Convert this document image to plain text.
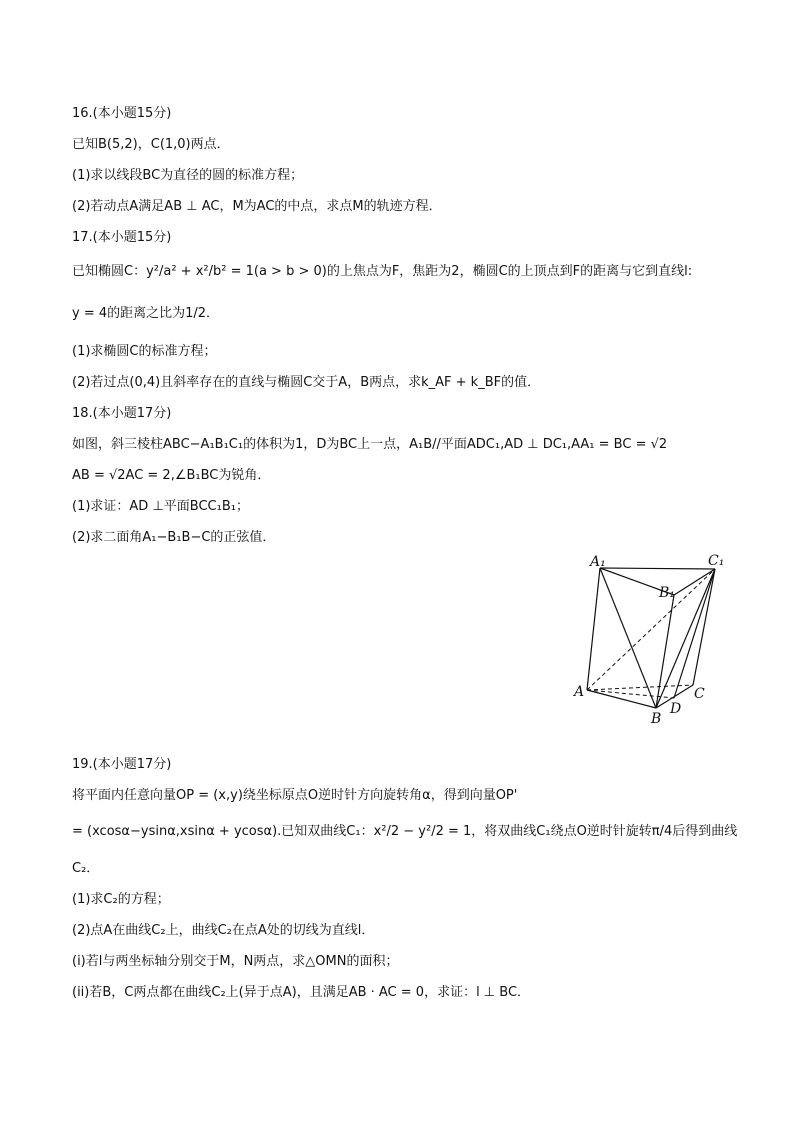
16.(本小题15分)
已知B(5,2)，C(1,0)两点．
(1)求以线段BC为直径的圆的标准方程；
(2)若动点A满足AB ⊥ AC，M为AC的中点，求点M的轨迹方程．
17.(本小题15分)
已知椭圆C：y²/a² + x²/b² = 1(a > b > 0)的上焦点为F，焦距为2，椭圆C的上顶点到F的距离与它到直线l:
y = 4的距离之比为1/2．
(1)求椭圆C的标准方程；
(2)若过点(0,4)且斜率存在的直线与椭圆C交于A，B两点，求k_AF + k_BF的值．
18.(本小题17分)
如图，斜三棱柱ABC−A₁B₁C₁的体积为1，D为BC上一点，A₁B//平面ADC₁,AD ⊥ DC₁,AA₁ = BC = √2
AB = √2AC = 2,∠B₁BC为锐角．
(1)求证：AD ⊥平面BCC₁B₁；
(2)求二面角A₁−B₁B−C的正弦值．
A₁	C₁
B₁
A	C
B
D
19.(本小题17分)
将平面内任意向量OP = (x,y)绕坐标原点O逆时针方向旋转角α，得到向量OP'
= (xcosα−ysinα,xsinα + ycosα).已知双曲线C₁：x²/2 − y²/2 = 1，将双曲线C₁绕点O逆时针旋转π/4后得到曲线
C₂．
(1)求C₂的方程；
(2)点A在曲线C₂上，曲线C₂在点A处的切线为直线l．
(i)若l与两坐标轴分别交于M，N两点，求△OMN的面积；
(ii)若B，C两点都在曲线C₂上(异于点A)，且满足AB · AC = 0，求证：l ⊥ BC．
